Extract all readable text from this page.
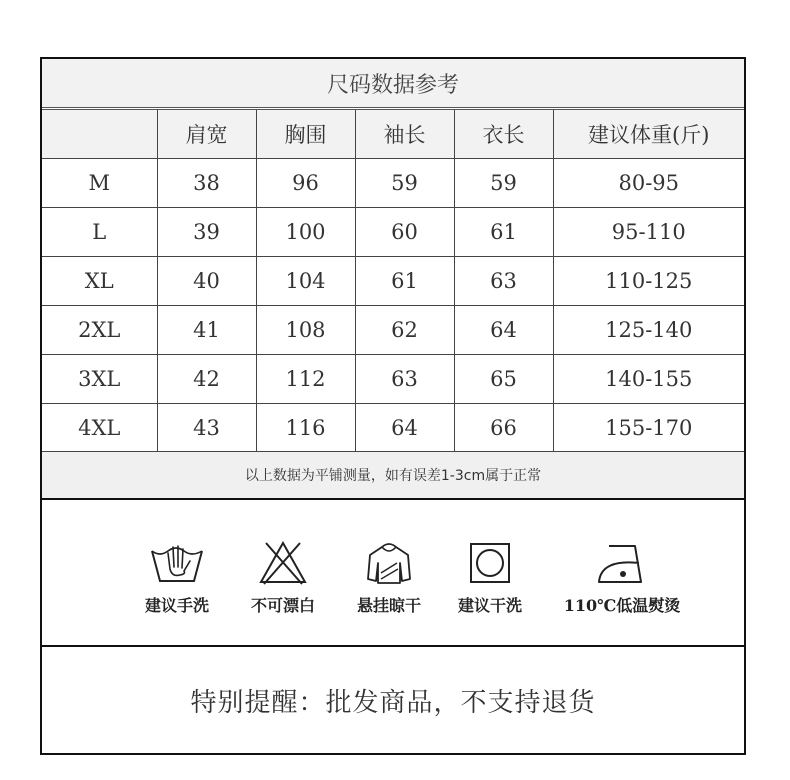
尺码数据参考
	肩宽	胸围	袖长	衣长	建议体重(斤)
M	38	96	59	59	80-95
L	39	100	60	61	95-110
XL	40	104	61	63	110-125
2XL	41	108	62	64	125-140
3XL	42	112	63	65	140-155
4XL	43	116	64	66	155-170
以上数据为平铺测量，如有误差1-3cm属于正常
建议手洗	不可漂白	悬挂晾干	建议干洗	110℃低温熨烫
特别提醒：批发商品，不支持退货
